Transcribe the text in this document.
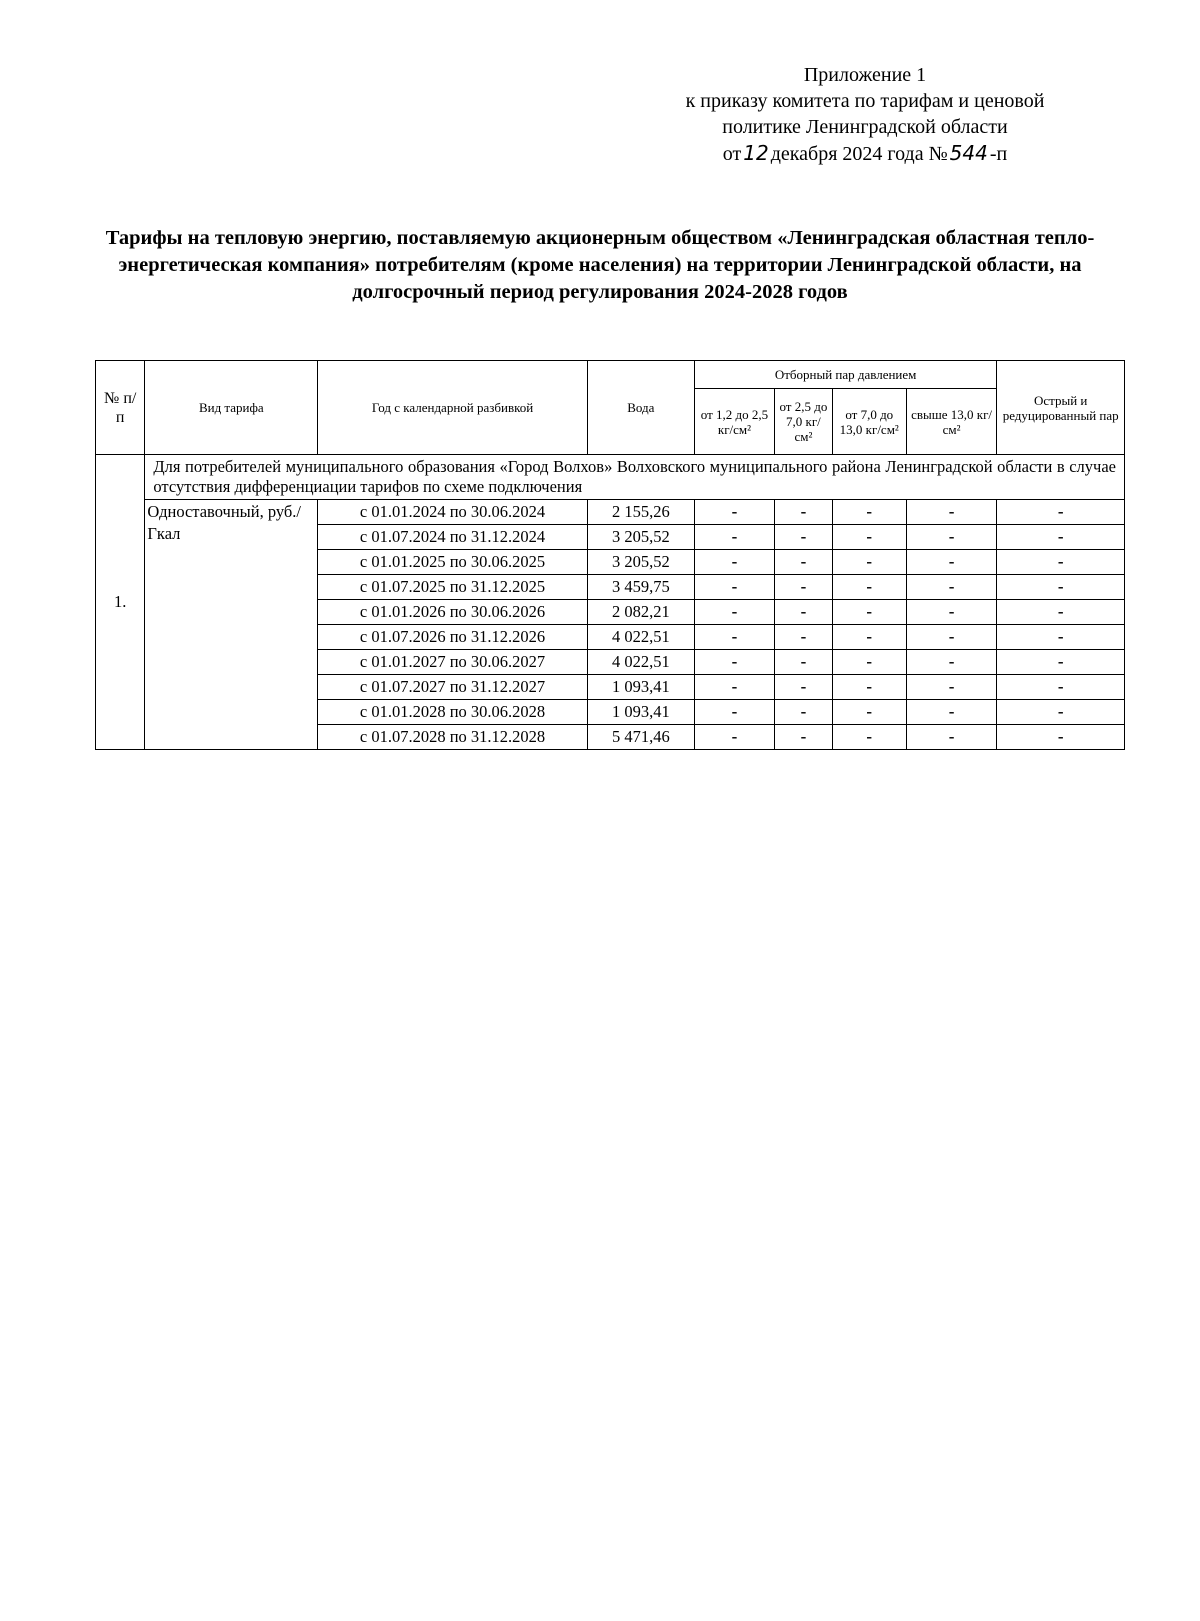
Приложение 1
к приказу комитета по тарифам и ценовой
политике Ленинградской области
от 12 декабря 2024 года № 544 -п
Тарифы на тепловую энергию, поставляемую акционерным обществом «Ленинградская областная тепло-энергетическая компания» потребителям (кроме населения) на территории Ленинградской области, на долгосрочный период регулирования 2024-2028 годов
№ п/п	Вид тарифа	Год с календарной разбивкой	Вода	Отборный пар давлением				Острый и редуцированный пар
				от 1,2 до 2,5 кг/см²	от 2,5 до 7,0 кг/см²	от 7,0 до 13,0 кг/см²	свыше 13,0 кг/см²	
1.	Для потребителей муниципального образования «Город Волхов» Волховского муниципального района Ленинградской области в случае отсутствия дифференциации тарифов по схеме подключения							
	Одноставочный, руб./Гкал	с 01.01.2024 по 30.06.2024	2 155,26	-	-	-	-	-
		с 01.07.2024 по 31.12.2024	3 205,52	-	-	-	-	-
		с 01.01.2025 по 30.06.2025	3 205,52	-	-	-	-	-
		с 01.07.2025 по 31.12.2025	3 459,75	-	-	-	-	-
		с 01.01.2026 по 30.06.2026	2 082,21	-	-	-	-	-
		с 01.07.2026 по 31.12.2026	4 022,51	-	-	-	-	-
		с 01.01.2027 по 30.06.2027	4 022,51	-	-	-	-	-
		с 01.07.2027 по 31.12.2027	1 093,41	-	-	-	-	-
		с 01.01.2028 по 30.06.2028	1 093,41	-	-	-	-	-
		с 01.07.2028 по 31.12.2028	5 471,46	-	-	-	-	-
